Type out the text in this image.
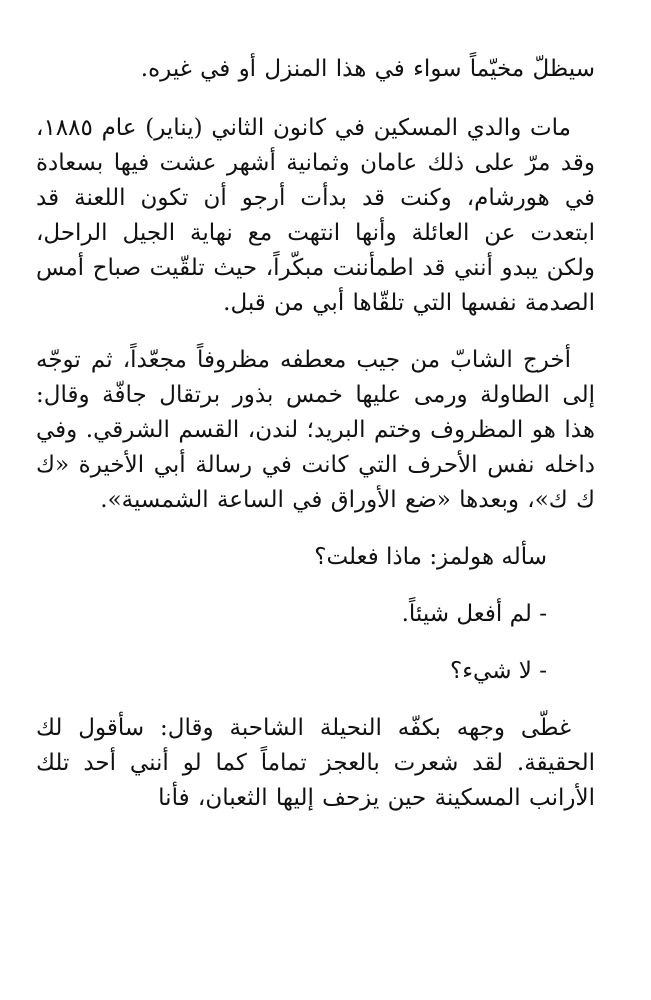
سيظلّ مخيّماً سواء في هذا المنزل أو في غيره.

مات والدي المسكين في كانون الثاني (يناير) عام ١٨٨٥، وقد مرّ على ذلك عامان وثمانية أشهر عشت فيها بسعادة في هورشام، وكنت قد بدأت أرجو أن تكون اللعنة قد ابتعدت عن العائلة وأنها انتهت مع نهاية الجيل الراحل، ولكن يبدو أنني قد اطمأننت مبكّراً، حيث تلقّيت صباح أمس الصدمة نفسها التي تلقّاها أبي من قبل.

أخرج الشابّ من جيب معطفه مظروفاً مجعّداً، ثم توجّه إلى الطاولة ورمى عليها خمس بذور برتقال جافّة وقال: هذا هو المظروف وختم البريد؛ لندن، القسم الشرقي. وفي داخله نفس الأحرف التي كانت في رسالة أبي الأخيرة «ك ك ك»، وبعدها «ضع الأوراق في الساعة الشمسية».

سأله هولمز: ماذا فعلت؟

- لم أفعل شيئاً.

- لا شيء؟

غطّى وجهه بكفّه النحيلة الشاحبة وقال: سأقول لك الحقيقة. لقد شعرت بالعجز تماماً كما لو أنني أحد تلك الأرانب المسكينة حين يزحف إليها الثعبان، فأنا
